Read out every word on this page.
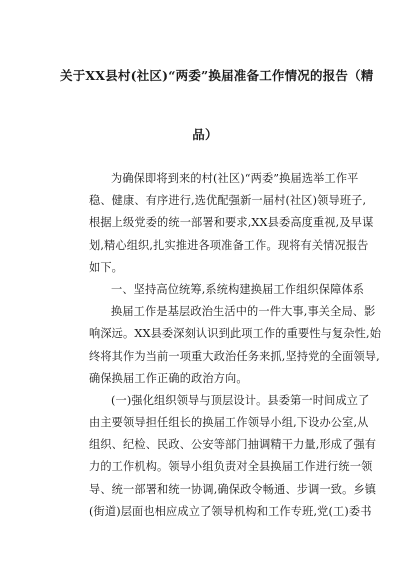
关于XX县村(社区)“两委”换届准备工作情况的报告（精
品）
为确保即将到来的村(社区)“两委”换届选举工作平
稳、健康、有序进行,选优配强新一届村(社区)领导班子,
根据上级党委的统一部署和要求,XX县委高度重视,及早谋
划,精心组织,扎实推进各项准备工作。现将有关情况报告
如下。
一、坚持高位统筹,系统构建换届工作组织保障体系
换届工作是基层政治生活中的一件大事,事关全局、影
响深远。XX县委深刻认识到此项工作的重要性与复杂性,始
终将其作为当前一项重大政治任务来抓,坚持党的全面领导,
确保换届工作正确的政治方向。
(一)强化组织领导与顶层设计。县委第一时间成立了
由主要领导担任组长的换届工作领导小组,下设办公室,从
组织、纪检、民政、公安等部门抽调精干力量,形成了强有
力的工作机构。领导小组负责对全县换届工作进行统一领
导、统一部署和统一协调,确保政令畅通、步调一致。乡镇
(街道)层面也相应成立了领导机构和工作专班,党(工)委书
